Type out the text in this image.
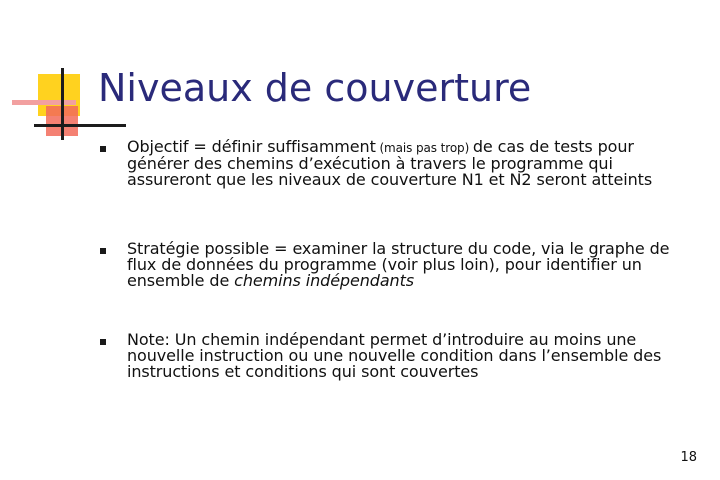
Niveaux de couverture
Objectif = définir suffisamment (mais pas trop) de cas de tests pour générer des chemins d’exécution à travers le programme qui assureront que les niveaux de couverture N1 et N2 seront atteints
Stratégie possible = examiner la structure du code, via le graphe de flux de données du programme (voir plus loin), pour identifier un ensemble de chemins indépendants
Note: Un chemin indépendant permet d’introduire au moins une nouvelle instruction ou une nouvelle condition dans l’ensemble des instructions et conditions qui sont couvertes
18
